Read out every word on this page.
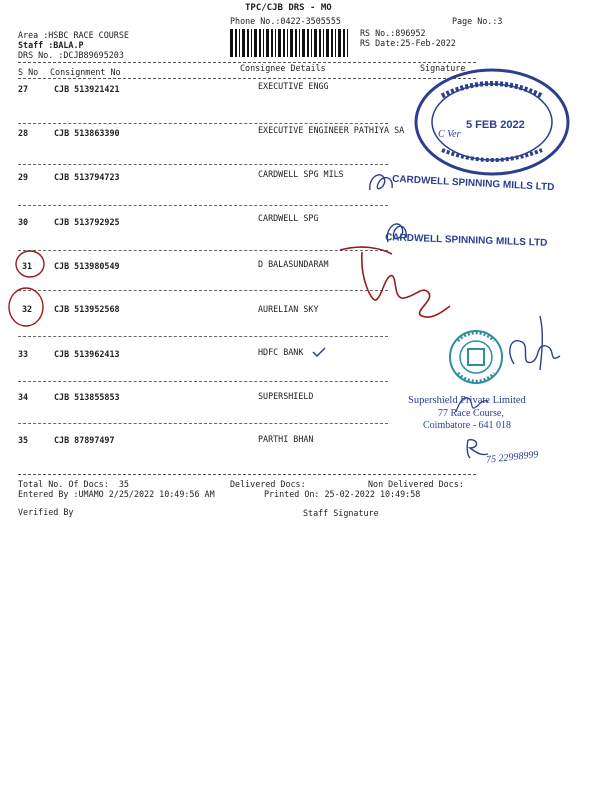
TPC/CJB DRS - MO
Phone No.:0422-3505555	Page No.:3
Area :HSBC RACE COURSE
Staff :BALA.P
DRS No. :DCJB89695203
RS No.:896952
RS Date:25-Feb-2022
S No Consignment No	Consignee Details	Signature
27	CJB 513921421	EXECUTIVE ENGG
28	CJB 513863390	EXECUTIVE ENGINEER PATHIYA SA
29	CJB 513794723	CARDWELL SPG MILS
30	CJB 513792925	CARDWELL SPG
31	CJB 513980549	D BALASUNDARAM
32	CJB 513952568	AURELIAN SKY
33	CJB 513962413	HDFC BANK
34	CJB 513855853	SUPERSHIELD
35	CJB 87897497	PARTHI BHAN
Total No. Of Docs:  35	Delivered Docs:	Non Delivered Docs:
Entered By :UMAMO 2/25/2022 10:49:56 AM	Printed On: 25-02-2022 10:49:58
Verified By	Staff Signature
5 FEB 2022
C Ver
CARDWELL SPINNING MILLS LTD
CARDWELL SPINNING MILLS LTD
Supershield Private Limited
77 Race Course,
Coimbatore - 641 018
75 22998999
